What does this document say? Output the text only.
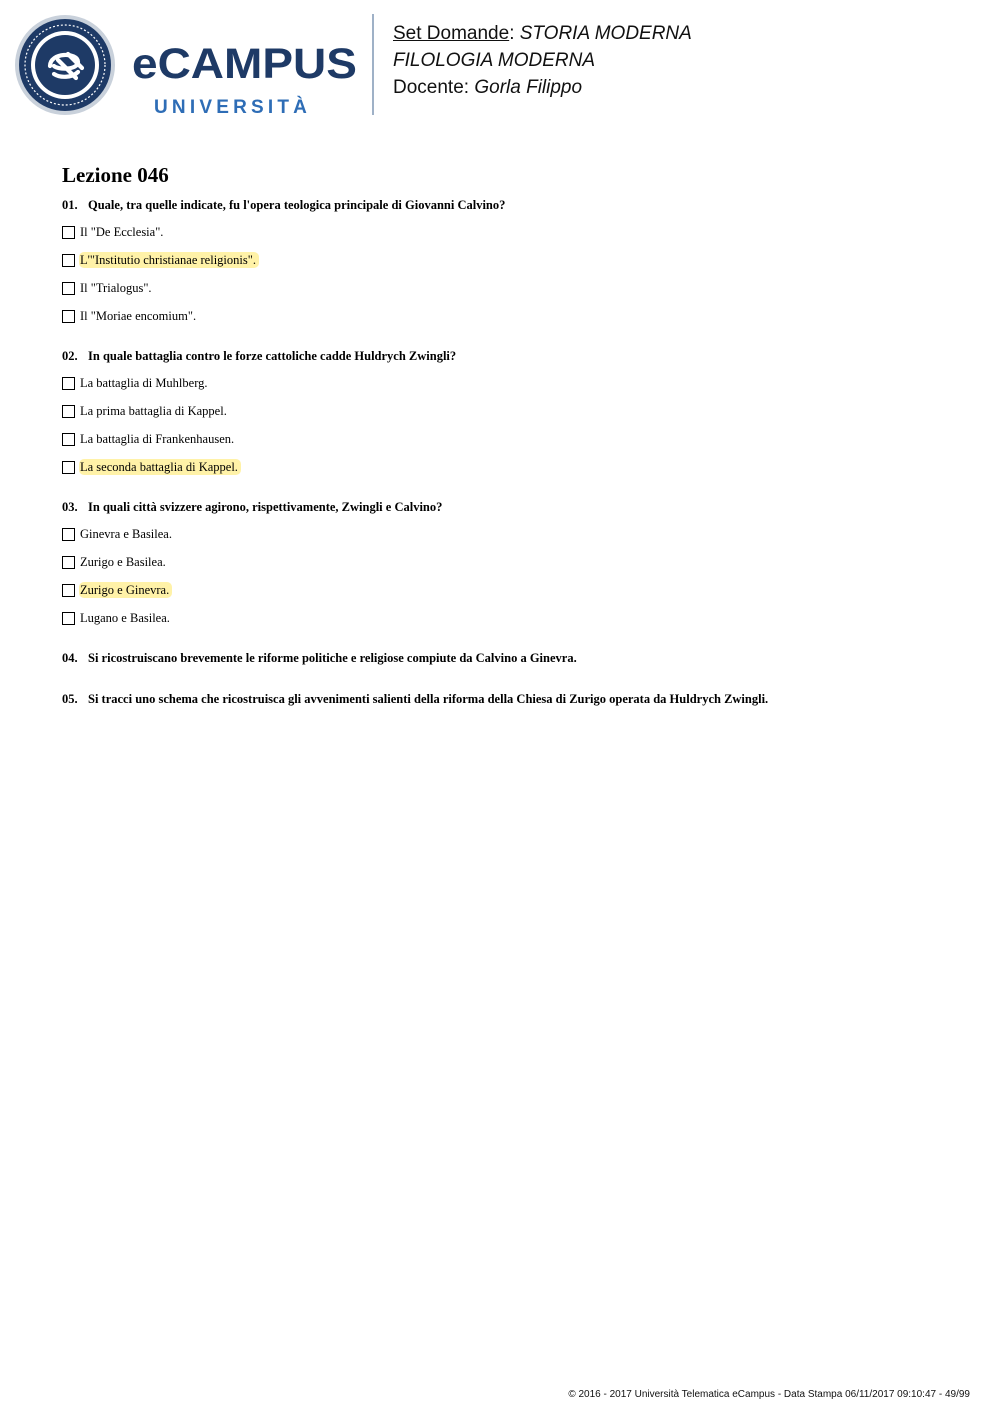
eCAMPUS
UNIVERSITÀ
Set Domande: STORIA MODERNA
FILOLOGIA MODERNA
Docente: Gorla Filippo
Lezione 046
01. Quale, tra quelle indicate, fu l'opera teologica principale di Giovanni Calvino?
Il "De Ecclesia".
L'"Institutio christianae religionis".
Il "Trialogus".
Il "Moriae encomium".
02. In quale battaglia contro le forze cattoliche cadde Huldrych Zwingli?
La battaglia di Muhlberg.
La prima battaglia di Kappel.
La battaglia di Frankenhausen.
La seconda battaglia di Kappel.
03. In quali città svizzere agirono, rispettivamente, Zwingli e Calvino?
Ginevra e Basilea.
Zurigo e Basilea.
Zurigo e Ginevra.
Lugano e Basilea.
04. Si ricostruiscano brevemente le riforme politiche e religiose compiute da Calvino a Ginevra.
05. Si tracci uno schema che ricostruisca gli avvenimenti salienti della riforma della Chiesa di Zurigo operata da Huldrych Zwingli.
© 2016 - 2017 Università Telematica eCampus - Data Stampa 06/11/2017 09:10:47 - 49/99
